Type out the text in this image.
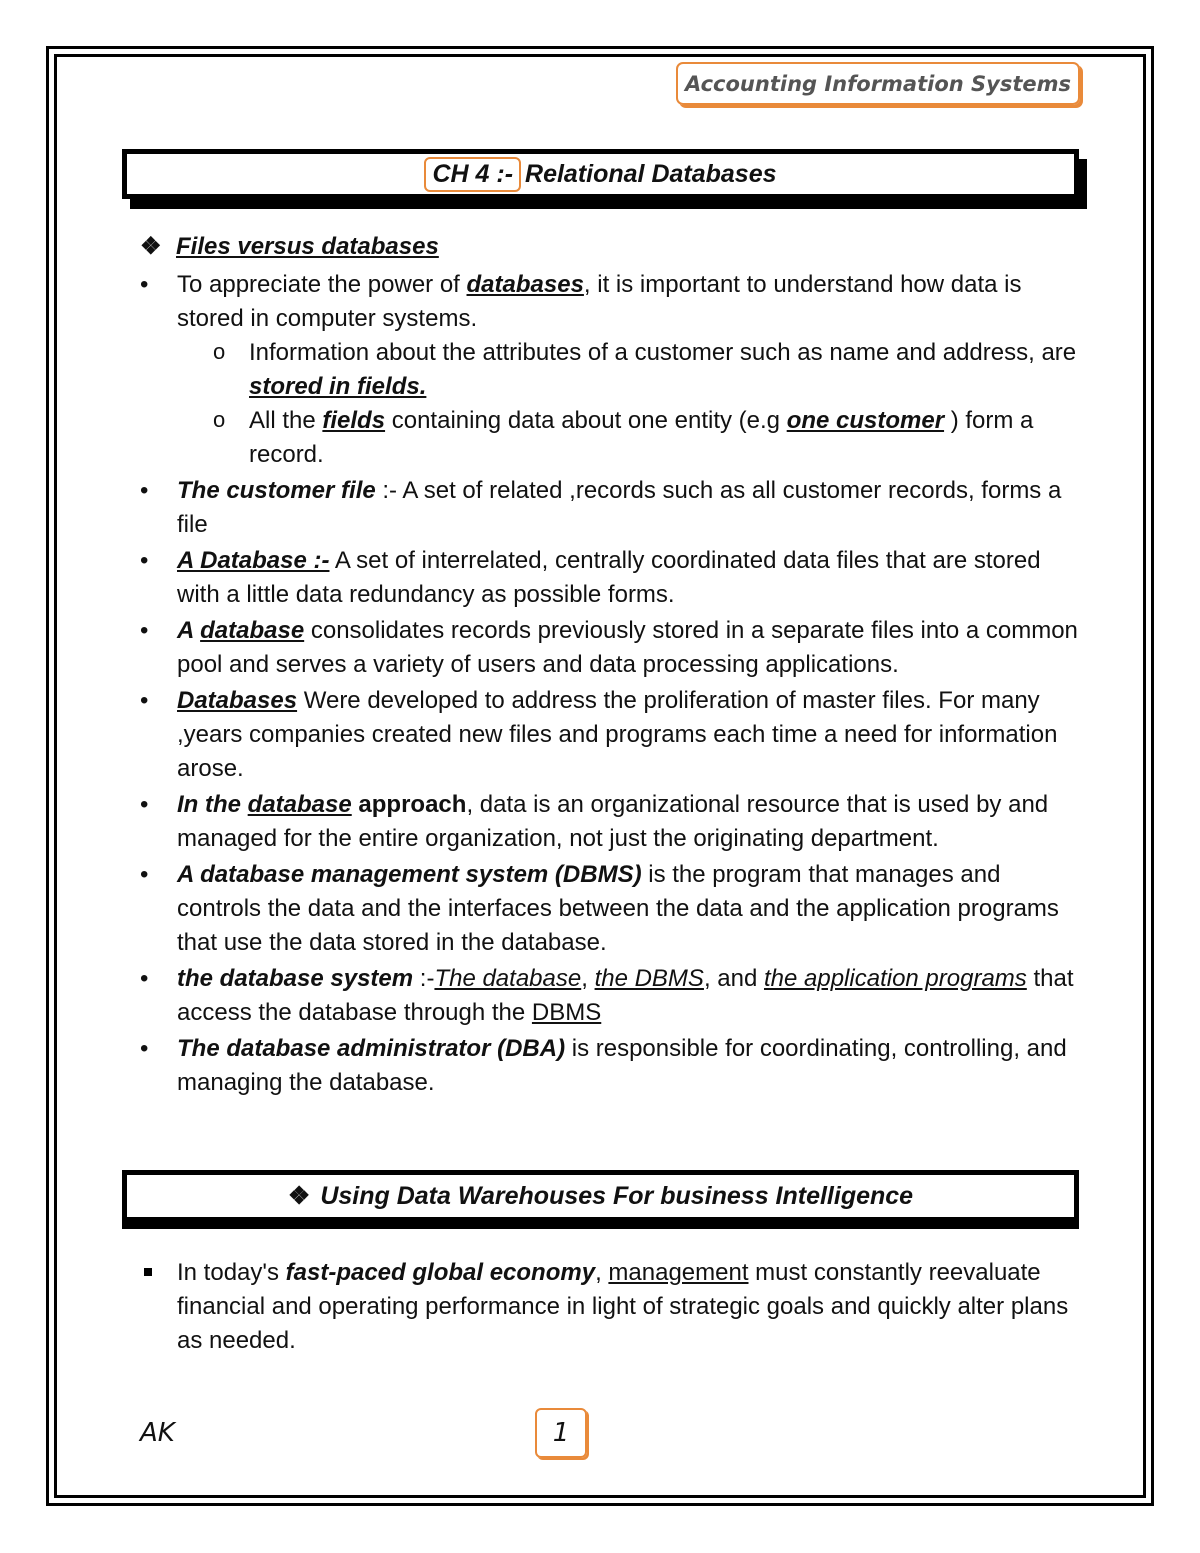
Accounting Information Systems
CH 4 :- Relational Databases
❖ Files versus databases
• To appreciate the power of databases, it is important to understand how data is stored in computer systems.
o Information about the attributes of a customer such as name and address, are stored in fields.
o All the fields containing data about one entity (e.g one customer ) form a record.
• The customer file :- A set of related ,records such as all customer records, forms a file
• A Database :- A set of interrelated, centrally coordinated data files that are stored with a little data redundancy as possible forms.
• A database consolidates records previously stored in a separate files into a common pool and serves a variety of users and data processing applications.
• Databases Were developed to address the proliferation of master files. For many ,years companies created new files and programs each time a need for information arose.
• In the database approach, data is an organizational resource that is used by and managed for the entire organization, not just the originating department.
• A database management system (DBMS) is the program that manages and controls the data and the interfaces between the data and the application programs that use the data stored in the database.
• the database system :-The database, the DBMS, and the application programs that access the database through the DBMS
• The database administrator (DBA) is responsible for coordinating, controlling, and managing the database.
❖ Using Data Warehouses For business Intelligence
In today's fast-paced global economy, management must constantly reevaluate financial and operating performance in light of strategic goals and quickly alter plans as needed.
AK	1
